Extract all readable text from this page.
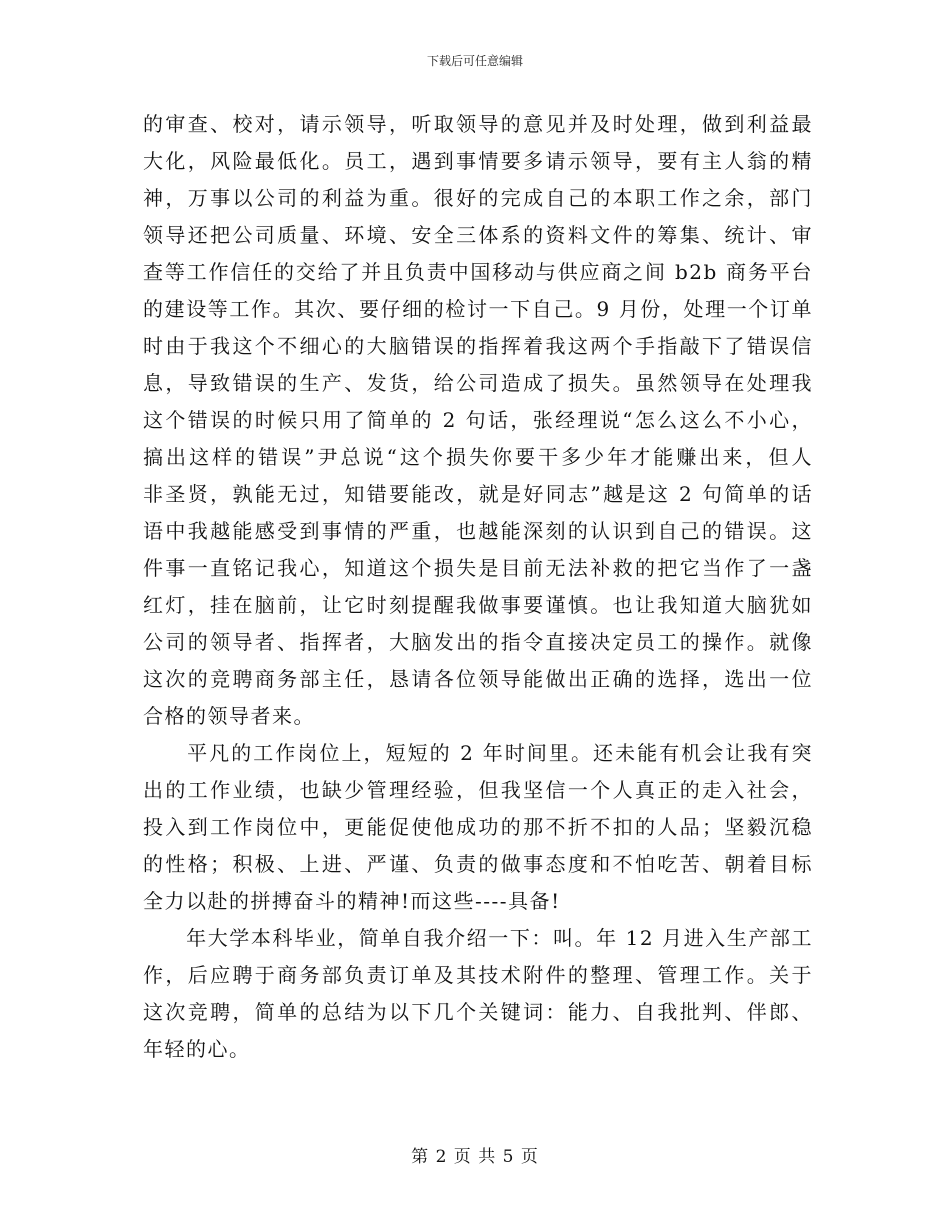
下载后可任意编辑
的审查、校对，请示领导，听取领导的意见并及时处理，做到利益最
大化，风险最低化。员工，遇到事情要多请示领导，要有主人翁的精
神，万事以公司的利益为重。很好的完成自己的本职工作之余，部门
领导还把公司质量、环境、安全三体系的资料文件的筹集、统计、审
查等工作信任的交给了并且负责中国移动与供应商之间 b2b 商务平台
的建设等工作。其次、要仔细的检讨一下自己。9 月份，处理一个订单
时由于我这个不细心的大脑错误的指挥着我这两个手指敲下了错误信
息，导致错误的生产、发货，给公司造成了损失。虽然领导在处理我
这个错误的时候只用了简单的 2 句话，张经理说“怎么这么不小心，
搞出这样的错误”尹总说“这个损失你要干多少年才能赚出来，但人
非圣贤，孰能无过，知错要能改，就是好同志”越是这 2 句简单的话
语中我越能感受到事情的严重，也越能深刻的认识到自己的错误。这
件事一直铭记我心，知道这个损失是目前无法补救的把它当作了一盏
红灯，挂在脑前，让它时刻提醒我做事要谨慎。也让我知道大脑犹如
公司的领导者、指挥者，大脑发出的指令直接决定员工的操作。就像
这次的竞聘商务部主任，恳请各位领导能做出正确的选择，选出一位
合格的领导者来。
　　平凡的工作岗位上，短短的 2 年时间里。还未能有机会让我有突
出的工作业绩，也缺少管理经验，但我坚信一个人真正的走入社会，
投入到工作岗位中，更能促使他成功的那不折不扣的人品；坚毅沉稳
的性格；积极、上进、严谨、负责的做事态度和不怕吃苦、朝着目标
全力以赴的拼搏奋斗的精神!而这些----具备!
　　年大学本科毕业，简单自我介绍一下：叫。年 12 月进入生产部工
作，后应聘于商务部负责订单及其技术附件的整理、管理工作。关于
这次竞聘，简单的总结为以下几个关键词：能力、自我批判、伴郎、
年轻的心。
第 2 页 共 5 页
